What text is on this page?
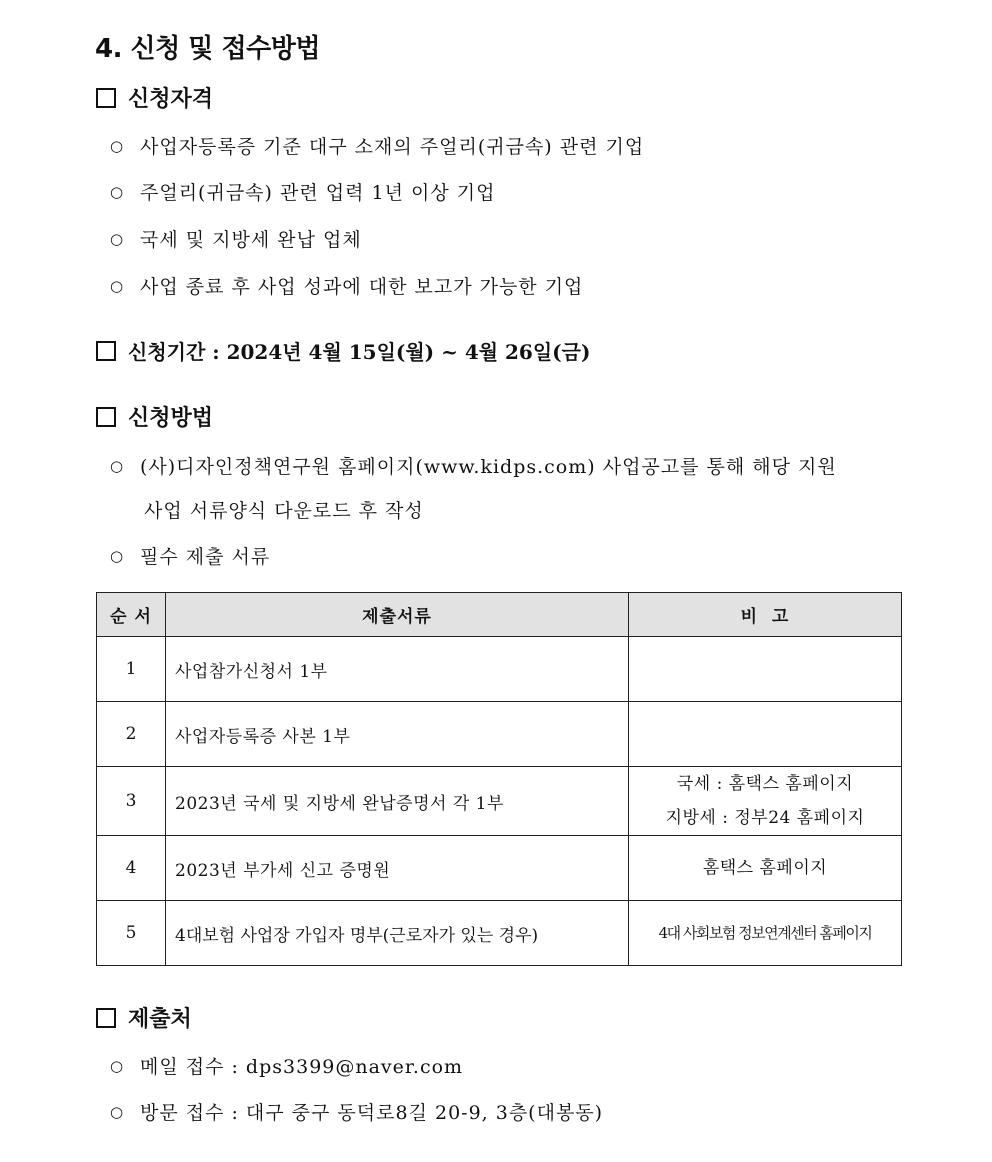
4. 신청 및 접수방법
신청자격
○ 사업자등록증 기준 대구 소재의 주얼리(귀금속) 관련 기업
○ 주얼리(귀금속) 관련 업력 1년 이상 기업
○ 국세 및 지방세 완납 업체
○ 사업 종료 후 사업 성과에 대한 보고가 가능한 기업
신청기간 : 2024년 4월 15일(월) ~ 4월 26일(금)
신청방법
○ (사)디자인정책연구원 홈페이지(www.kidps.com) 사업공고를 통해 해당 지원
사업 서류양식 다운로드 후 작성
○ 필수 제출 서류
순 서	제출서류	비  고
1	사업참가신청서 1부	
2	사업자등록증 사본 1부	
3	2023년 국세 및 지방세 완납증명서 각 1부	국세 : 홈택스 홈페이지
지방세 : 정부24 홈페이지

4	2023년 부가세 신고 증명원	홈택스 홈페이지
5	4대보험 사업장 가입자 명부(근로자가 있는 경우)	4대 사회보험 정보연계센터 홈페이지
제출처
○ 메일 접수 : dps3399@naver.com
○ 방문 접수 : 대구 중구 동덕로8길 20-9, 3층(대봉동)
